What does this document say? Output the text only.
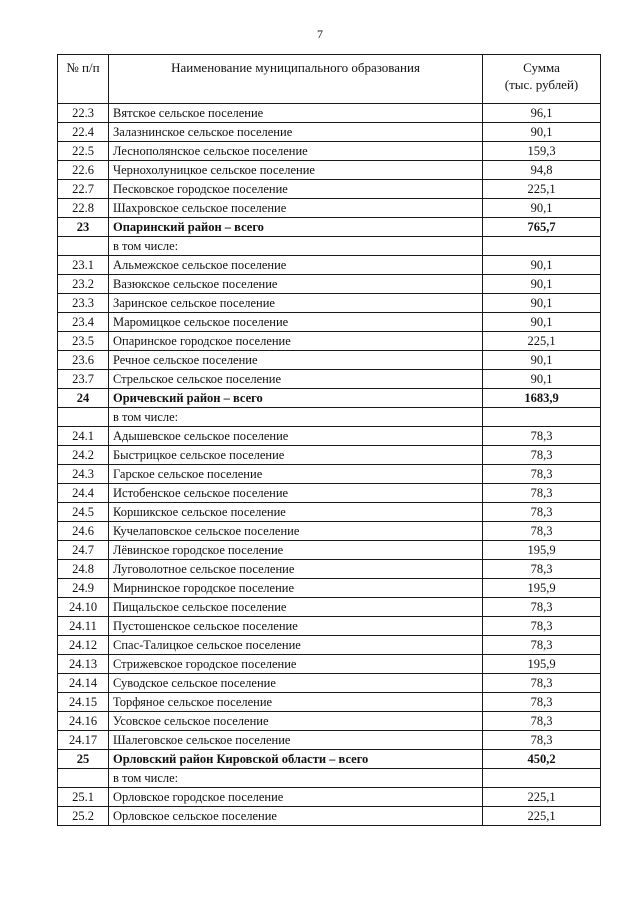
7
№ п/п	Наименование муниципального образования	Сумма
(тыс. рублей)
22.3	Вятское сельское поселение	96,1
22.4	Залазнинское сельское поселение	90,1
22.5	Леснополянское сельское поселение	159,3
22.6	Чернохолуницкое сельское поселение	94,8
22.7	Песковское городское поселение	225,1
22.8	Шахровское сельское поселение	90,1
23	Опаринский район – всего	765,7
	в том числе:	
23.1	Альмежское сельское поселение	90,1
23.2	Вазюкское сельское поселение	90,1
23.3	Заринское сельское поселение	90,1
23.4	Маромицкое сельское поселение	90,1
23.5	Опаринское городское поселение	225,1
23.6	Речное сельское поселение	90,1
23.7	Стрельское сельское поселение	90,1
24	Оричевский район – всего	1683,9
	в том числе:	
24.1	Адышевское сельское поселение	78,3
24.2	Быстрицкое сельское поселение	78,3
24.3	Гарское сельское поселение	78,3
24.4	Истобенское сельское поселение	78,3
24.5	Коршикское сельское поселение	78,3
24.6	Кучелаповское сельское поселение	78,3
24.7	Лёвинское городское поселение	195,9
24.8	Луговолотное сельское поселение	78,3
24.9	Мирнинское городское поселение	195,9
24.10	Пищальское сельское поселение	78,3
24.11	Пустошенское сельское поселение	78,3
24.12	Спас-Талицкое сельское поселение	78,3
24.13	Стрижевское городское поселение	195,9
24.14	Суводское сельское поселение	78,3
24.15	Торфяное сельское поселение	78,3
24.16	Усовское сельское поселение	78,3
24.17	Шалеговское сельское поселение	78,3
25	Орловский район Кировской области – всего	450,2
	в том числе:	
25.1	Орловское городское поселение	225,1
25.2	Орловское сельское поселение	225,1
